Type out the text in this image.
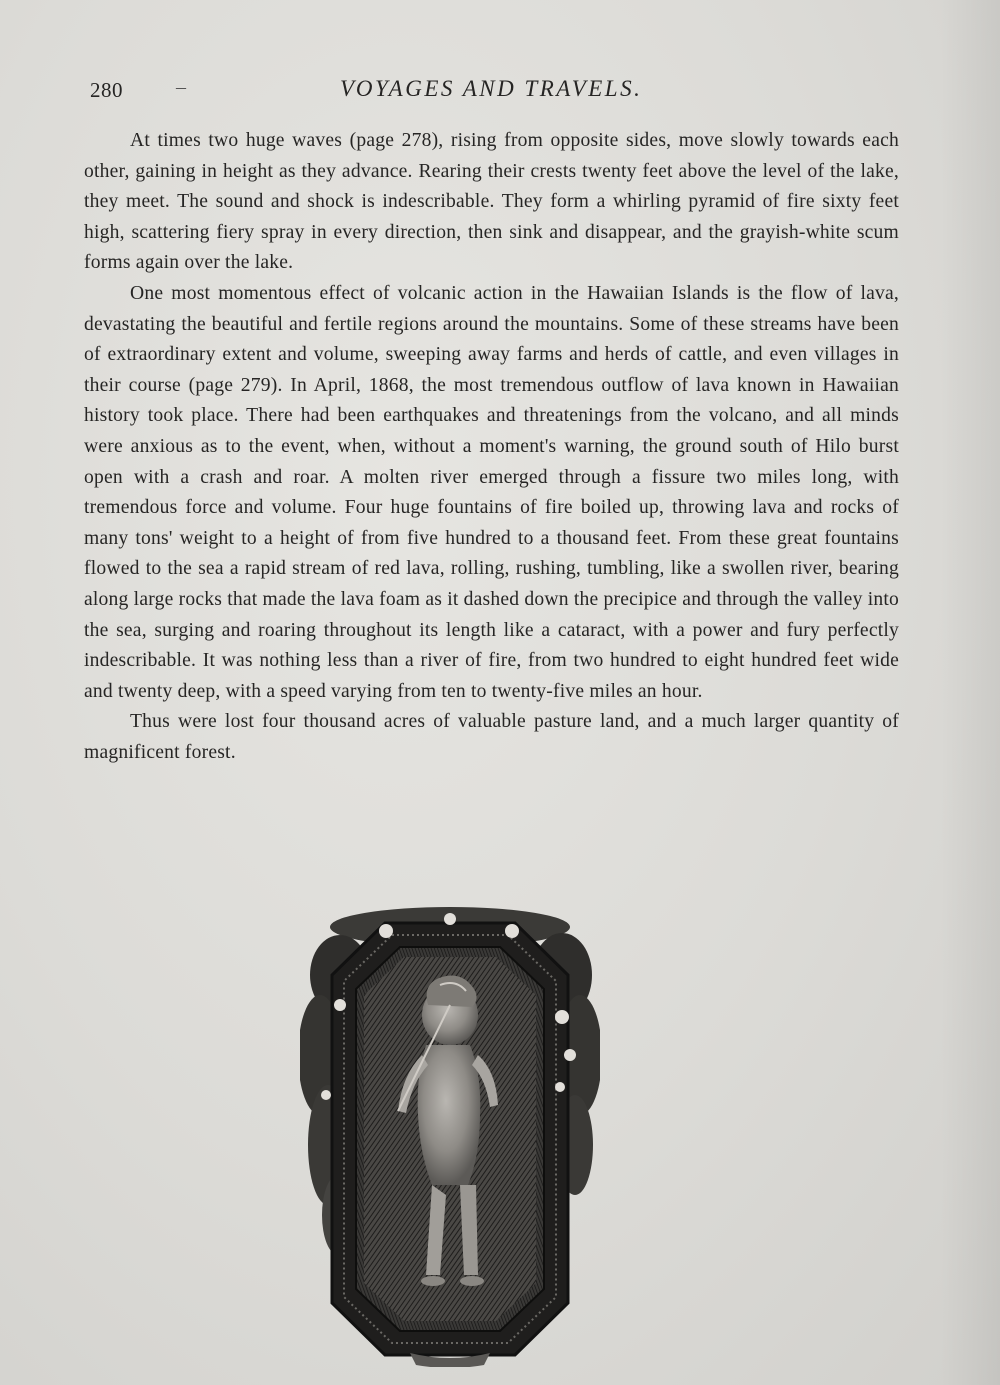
280	–	VOYAGES AND TRAVELS.

At times two huge waves (page 278), rising from opposite sides, move slowly towards each other, gaining in height as they advance. Rearing their crests twenty feet above the level of the lake, they meet. The sound and shock is indescribable. They form a whirling pyramid of fire sixty feet high, scattering fiery spray in every direction, then sink and disappear, and the grayish-white scum forms again over the lake.

One most momentous effect of volcanic action in the Hawaiian Islands is the flow of lava, devastating the beautiful and fertile regions around the mountains. Some of these streams have been of extraordinary extent and volume, sweeping away farms and herds of cattle, and even villages in their course (page 279). In April, 1868, the most tremendous outflow of lava known in Hawaiian history took place. There had been earthquakes and threatenings from the volcano, and all minds were anxious as to the event, when, without a moment's warning, the ground south of Hilo burst open with a crash and roar. A molten river emerged through a fissure two miles long, with tremendous force and volume. Four huge fountains of fire boiled up, throwing lava and rocks of many tons' weight to a height of from five hundred to a thousand feet. From these great fountains flowed to the sea a rapid stream of red lava, rolling, rushing, tumbling, like a swollen river, bearing along large rocks that made the lava foam as it dashed down the precipice and through the valley into the sea, surging and roaring throughout its length like a cataract, with a power and fury perfectly indescribable. It was nothing less than a river of fire, from two hundred to eight hundred feet wide and twenty deep, with a speed varying from ten to twenty-five miles an hour.

Thus were lost four thousand acres of valuable pasture land, and a much larger quantity of magnificent forest.
